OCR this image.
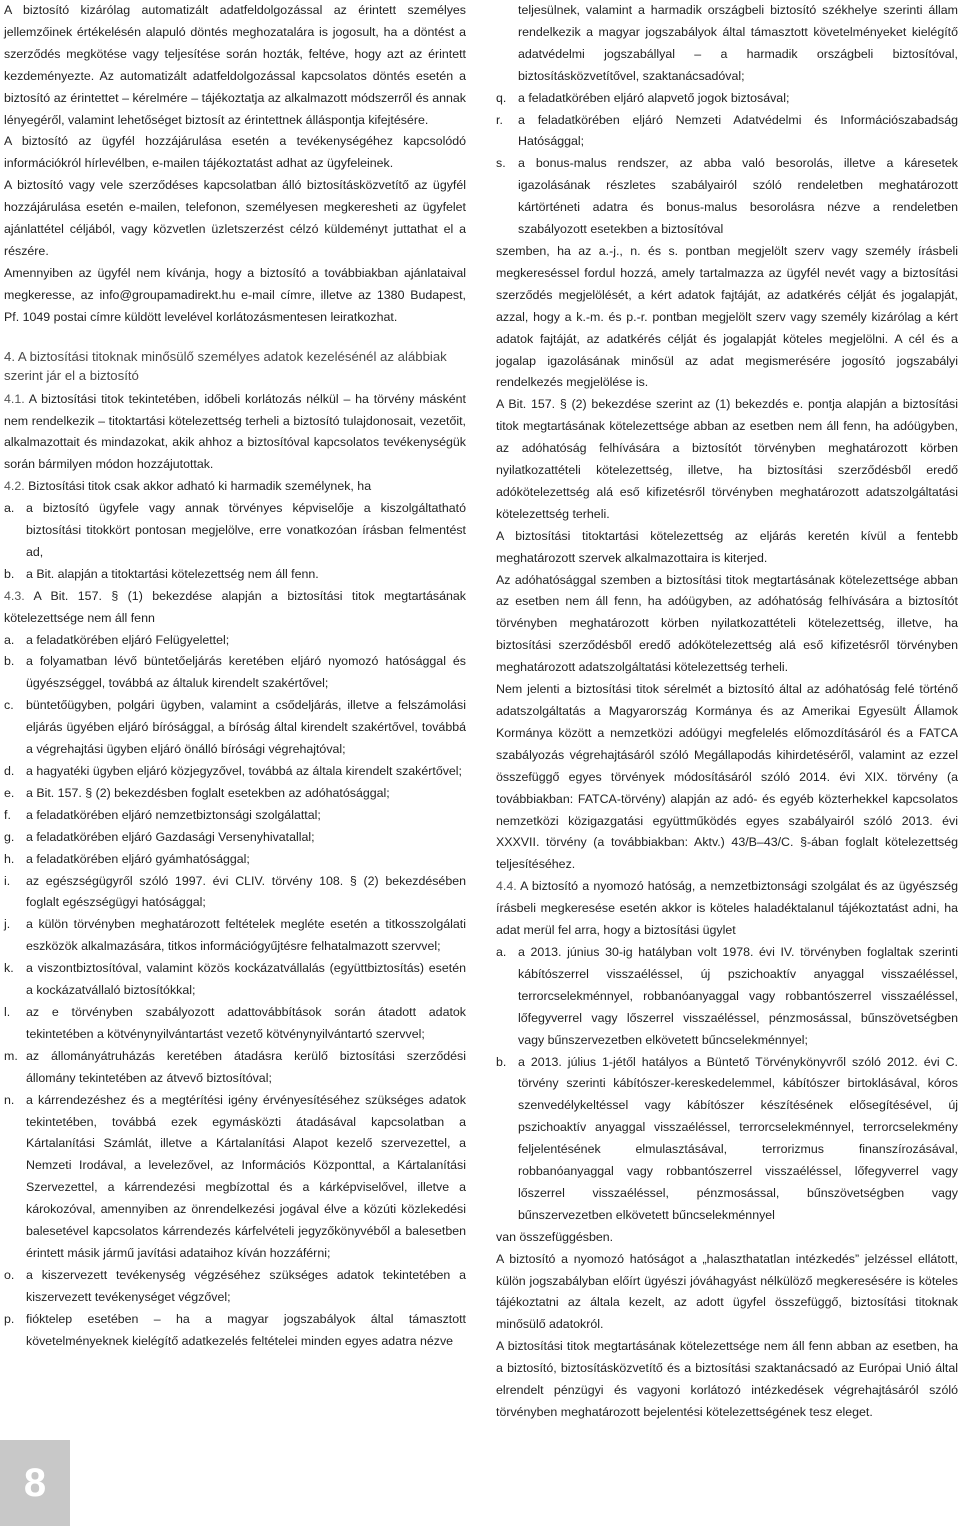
A biztosító kizárólag automatizált adatfeldolgozással az érintett személyes jellemzőinek értékelésén alapuló döntés meghozatalára is jogosult, ha a döntést a szerződés megkötése vagy teljesítése során hozták, feltéve, hogy azt az érintett kezdeményezte. Az automatizált adatfeldolgozással kapcsolatos döntés esetén a biztosító az érintettet – kérelmére – tájékoztatja az alkalmazott módszerről és annak lényegéről, valamint lehetőséget biztosít az érintettnek álláspontja kifejtésére.

A biztosító az ügyfél hozzájárulása esetén a tevékenységéhez kapcsolódó információkról hírlevélben, e-mailen tájékoztatást adhat az ügyfeleinek.

A biztosító vagy vele szerződéses kapcsolatban álló biztosításközvetítő az ügyfél hozzájárulása esetén e-mailen, telefonon, személyesen megkeresheti az ügyfelet ajánlattétel céljából, vagy közvetlen üzletszerzést célzó küldeményt juttathat el a részére.

Amennyiben az ügyfél nem kívánja, hogy a biztosító a továbbiakban ajánlataival megkeresse, az info@groupamadirekt.hu e-mail címre, illetve az 1380 Budapest, Pf. 1049 postai címre küldött levelével korlátozásmentesen leiratkozhat.

4. A biztosítási titoknak minősülő személyes adatok kezelésénél az alábbiak szerint jár el a biztosító

4.1. A biztosítási titok tekintetében, időbeli korlátozás nélkül – ha törvény másként nem rendelkezik – titoktartási kötelezettség terheli a biztosító tulajdonosait, vezetőit, alkalmazottait és mindazokat, akik ahhoz a biztosítóval kapcsolatos tevékenységük során bármilyen módon hozzájutottak.

4.2. Biztosítási titok csak akkor adható ki harmadik személynek, ha

a. a biztosító ügyfele vagy annak törvényes képviselője a kiszolgáltatható biztosítási titokkört pontosan megjelölve, erre vonatkozóan írásban felmentést ad,
b. a Bit. alapján a titoktartási kötelezettség nem áll fenn.

4.3. A Bit. 157. § (1) bekezdése alapján a biztosítási titok megtartásának kötelezettsége nem áll fenn

a. a feladatkörében eljáró Felügyelettel;
b. a folyamatban lévő büntetőeljárás keretében eljáró nyomozó hatósággal és ügyészséggel, továbbá az általuk kirendelt szakértővel;
c. büntetőügyben, polgári ügyben, valamint a csődeljárás, illetve a felszámolási eljárás ügyében eljáró bírósággal, a bíróság által kirendelt szakértővel, továbbá a végrehajtási ügyben eljáró önálló bírósági végrehajtóval;
d. a hagyatéki ügyben eljáró közjegyzővel, továbbá az általa kirendelt szakértővel;
e. a Bit. 157. § (2) bekezdésben foglalt esetekben az adóhatósággal;
f.	a feladatkörében eljáró nemzetbiztonsági szolgálattal;
g. a feladatkörében eljáró Gazdasági Versenyhivatallal;
h. a feladatkörében eljáró gyámhatósággal;
i.	az egészségügyről szóló 1997. évi CLIV. törvény 108. § (2) bekezdésében foglalt egészségügyi hatósággal;
j.	a külön törvényben meghatározott feltételek megléte esetén a titkosszolgálati eszközök alkalmazására, titkos információgyűjtésre felhatalmazott szervvel;
k. a viszontbiztosítóval, valamint közös kockázatvállalás (együttbiztosítás) esetén a kockázatvállaló biztosítókkal;
l.	az e törvényben szabályozott adattovábbítások során átadott adatok tekintetében a kötvénynyilvántartást vezető kötvénynyilvántartó szervvel;
m. az állományátruházás keretében átadásra kerülő biztosítási szerződési állomány tekintetében az átvevő biztosítóval;
n. a kárrendezéshez és a megtérítési igény érvényesítéséhez szükséges adatok tekintetében, továbbá ezek egymásközti átadásával kapcsolatban a Kártalanítási Számlát, illetve a Kártalanítási Alapot kezelő szervezettel, a Nemzeti Irodával, a levelezővel, az Információs Központtal, a Kártalanítási Szervezettel, a kárrendezési megbízottal és a kárképviselővel, illetve a károkozóval, amennyiben az önrendelkezési jogával élve a közúti közlekedési balesetével kapcsolatos kárrendezés kárfelvételi jegyzőkönyvéből a balesetben érintett másik jármű javítási adataihoz kíván hozzáférni;
o. a kiszervezett tevékenység végzéséhez szükséges adatok tekintetében a kiszervezett tevékenységet végzővel;
p. fióktelep esetében – ha a magyar jogszabályok által támasztott követelményeknek kielégítő adatkezelés feltételei minden egyes adatra nézve

teljesülnek, valamint a harmadik országbeli biztosító székhelye szerinti állam rendelkezik a magyar jogszabályok által támasztott követelményeket kielégítő adatvédelmi jogszabállyal – a harmadik országbeli biztosítóval, biztosításközvetítővel, szaktanácsadóval;

q. a feladatkörében eljáró alapvető jogok biztosával;
r.	a feladatkörében eljáró Nemzeti Adatvédelmi és Információszabadság Hatósággal;
s. a bonus-malus rendszer, az abba való besorolás, illetve a káresetek igazolásának részletes szabályairól szóló rendeletben meghatározott kártörténeti adatra és bonus-malus besorolásra nézve a rendeletben szabályozott esetekben a biztosítóval

szemben, ha az a.-j., n. és s. pontban megjelölt szerv vagy személy írásbeli megkereséssel fordul hozzá, amely tartalmazza az ügyfél nevét vagy a biztosítási szerződés megjelölését, a kért adatok fajtáját, az adatkérés célját és jogalapját, azzal, hogy a k.-m. és p.-r. pontban megjelölt szerv vagy személy kizárólag a kért adatok fajtáját, az adatkérés célját és jogalapját köteles megjelölni. A cél és a jogalap igazolásának minősül az adat megismerésére jogosító jogszabályi rendelkezés megjelölése is.

A Bit. 157. § (2) bekezdése szerint az (1) bekezdés e. pontja alapján a biztosítási titok megtartásának kötelezettsége abban az esetben nem áll fenn, ha adóügyben, az adóhatóság felhívására a biztosítót törvényben meghatározott körben nyilatkozattételi kötelezettség, illetve, ha biztosítási szerződésből eredő adókötelezettség alá eső kifizetésről törvényben meghatározott adatszolgáltatási kötelezettség terheli.

A biztosítási titoktartási kötelezettség az eljárás keretén kívül a fentebb meghatározott szervek alkalmazottaira is kiterjed.

Az adóhatósággal szemben a biztosítási titok megtartásának kötelezettsége abban az esetben nem áll fenn, ha adóügyben, az adóhatóság felhívására a biztosítót törvényben meghatározott körben nyilatkozattételi kötelezettség, illetve, ha biztosítási szerződésből eredő adókötelezettség alá eső kifizetésről törvényben meghatározott adatszolgáltatási kötelezettség terheli.

Nem jelenti a biztosítási titok sérelmét a biztosító által az adóhatóság felé történő adatszolgáltatás a Magyarország Kormánya és az Amerikai Egyesült Államok Kormánya között a nemzetközi adóügyi megfelelés előmozdításáról és a FATCA szabályozás végrehajtásáról szóló Megállapodás kihirdetéséről, valamint az ezzel összefüggő egyes törvények módosításáról szóló 2014. évi XIX. törvény (a továbbiakban: FATCA-törvény) alapján az adó- és egyéb közterhekkel kapcsolatos nemzetközi közigazgatási együttműködés egyes szabályairól szóló 2013. évi XXXVII. törvény (a továbbiakban: Aktv.) 43/B–43/C. §-ában foglalt kötelezettség teljesítéséhez.

4.4. A biztosító a nyomozó hatóság, a nemzetbiztonsági szolgálat és az ügyészség írásbeli megkeresése esetén akkor is köteles haladéktalanul tájékoztatást adni, ha adat merül fel arra, hogy a biztosítási ügylet

a. a 2013. június 30-ig hatályban volt 1978. évi IV. törvényben foglaltak szerinti kábítószerrel visszaéléssel, új pszichoaktív anyaggal visszaéléssel, terrorcselekménnyel, robbanóanyaggal vagy robbantószerrel visszaéléssel, lőfegyverrel vagy lőszerrel visszaéléssel, pénzmosással, bűnszövetségben vagy bűnszervezetben elkövetett bűncselekménnyel;
b. a 2013. július 1-jétől hatályos a Büntető Törvénykönyvről szóló 2012. évi C. törvény szerinti kábítószer-kereskedelemmel, kábítószer birtoklásával, kóros szenvedélykeltéssel vagy kábítószer készítésének elősegítésével, új pszichoaktív anyaggal visszaéléssel, terrorcselekménnyel, terrorcselekmény feljelentésének elmulasztásával, terrorizmus finanszírozásával, robbanóanyaggal vagy robbantószerrel visszaéléssel, lőfegyverrel vagy lőszerrel visszaéléssel, pénzmosással, bűnszövetségben vagy bűnszervezetben elkövetett bűncselekménnyel

van összefüggésben.

A biztosító a nyomozó hatóságot a „halaszthatatlan intézkedés” jelzéssel ellátott, külön jogszabályban előírt ügyészi jóváhagyást nélkülöző megkeresésére is köteles tájékoztatni az általa kezelt, az adott ügyfel összefüggő, biztosítási titoknak minősülő adatokról.

A biztosítási titok megtartásának kötelezettsége nem áll fenn abban az esetben, ha a biztosító, biztosításközvetítő és a biztosítási szaktanácsadó az Európai Unió által elrendelt pénzügyi és vagyoni korlátozó intézkedések végrehajtásáról szóló törvényben meghatározott bejelentési kötelezettségének tesz eleget.

8
